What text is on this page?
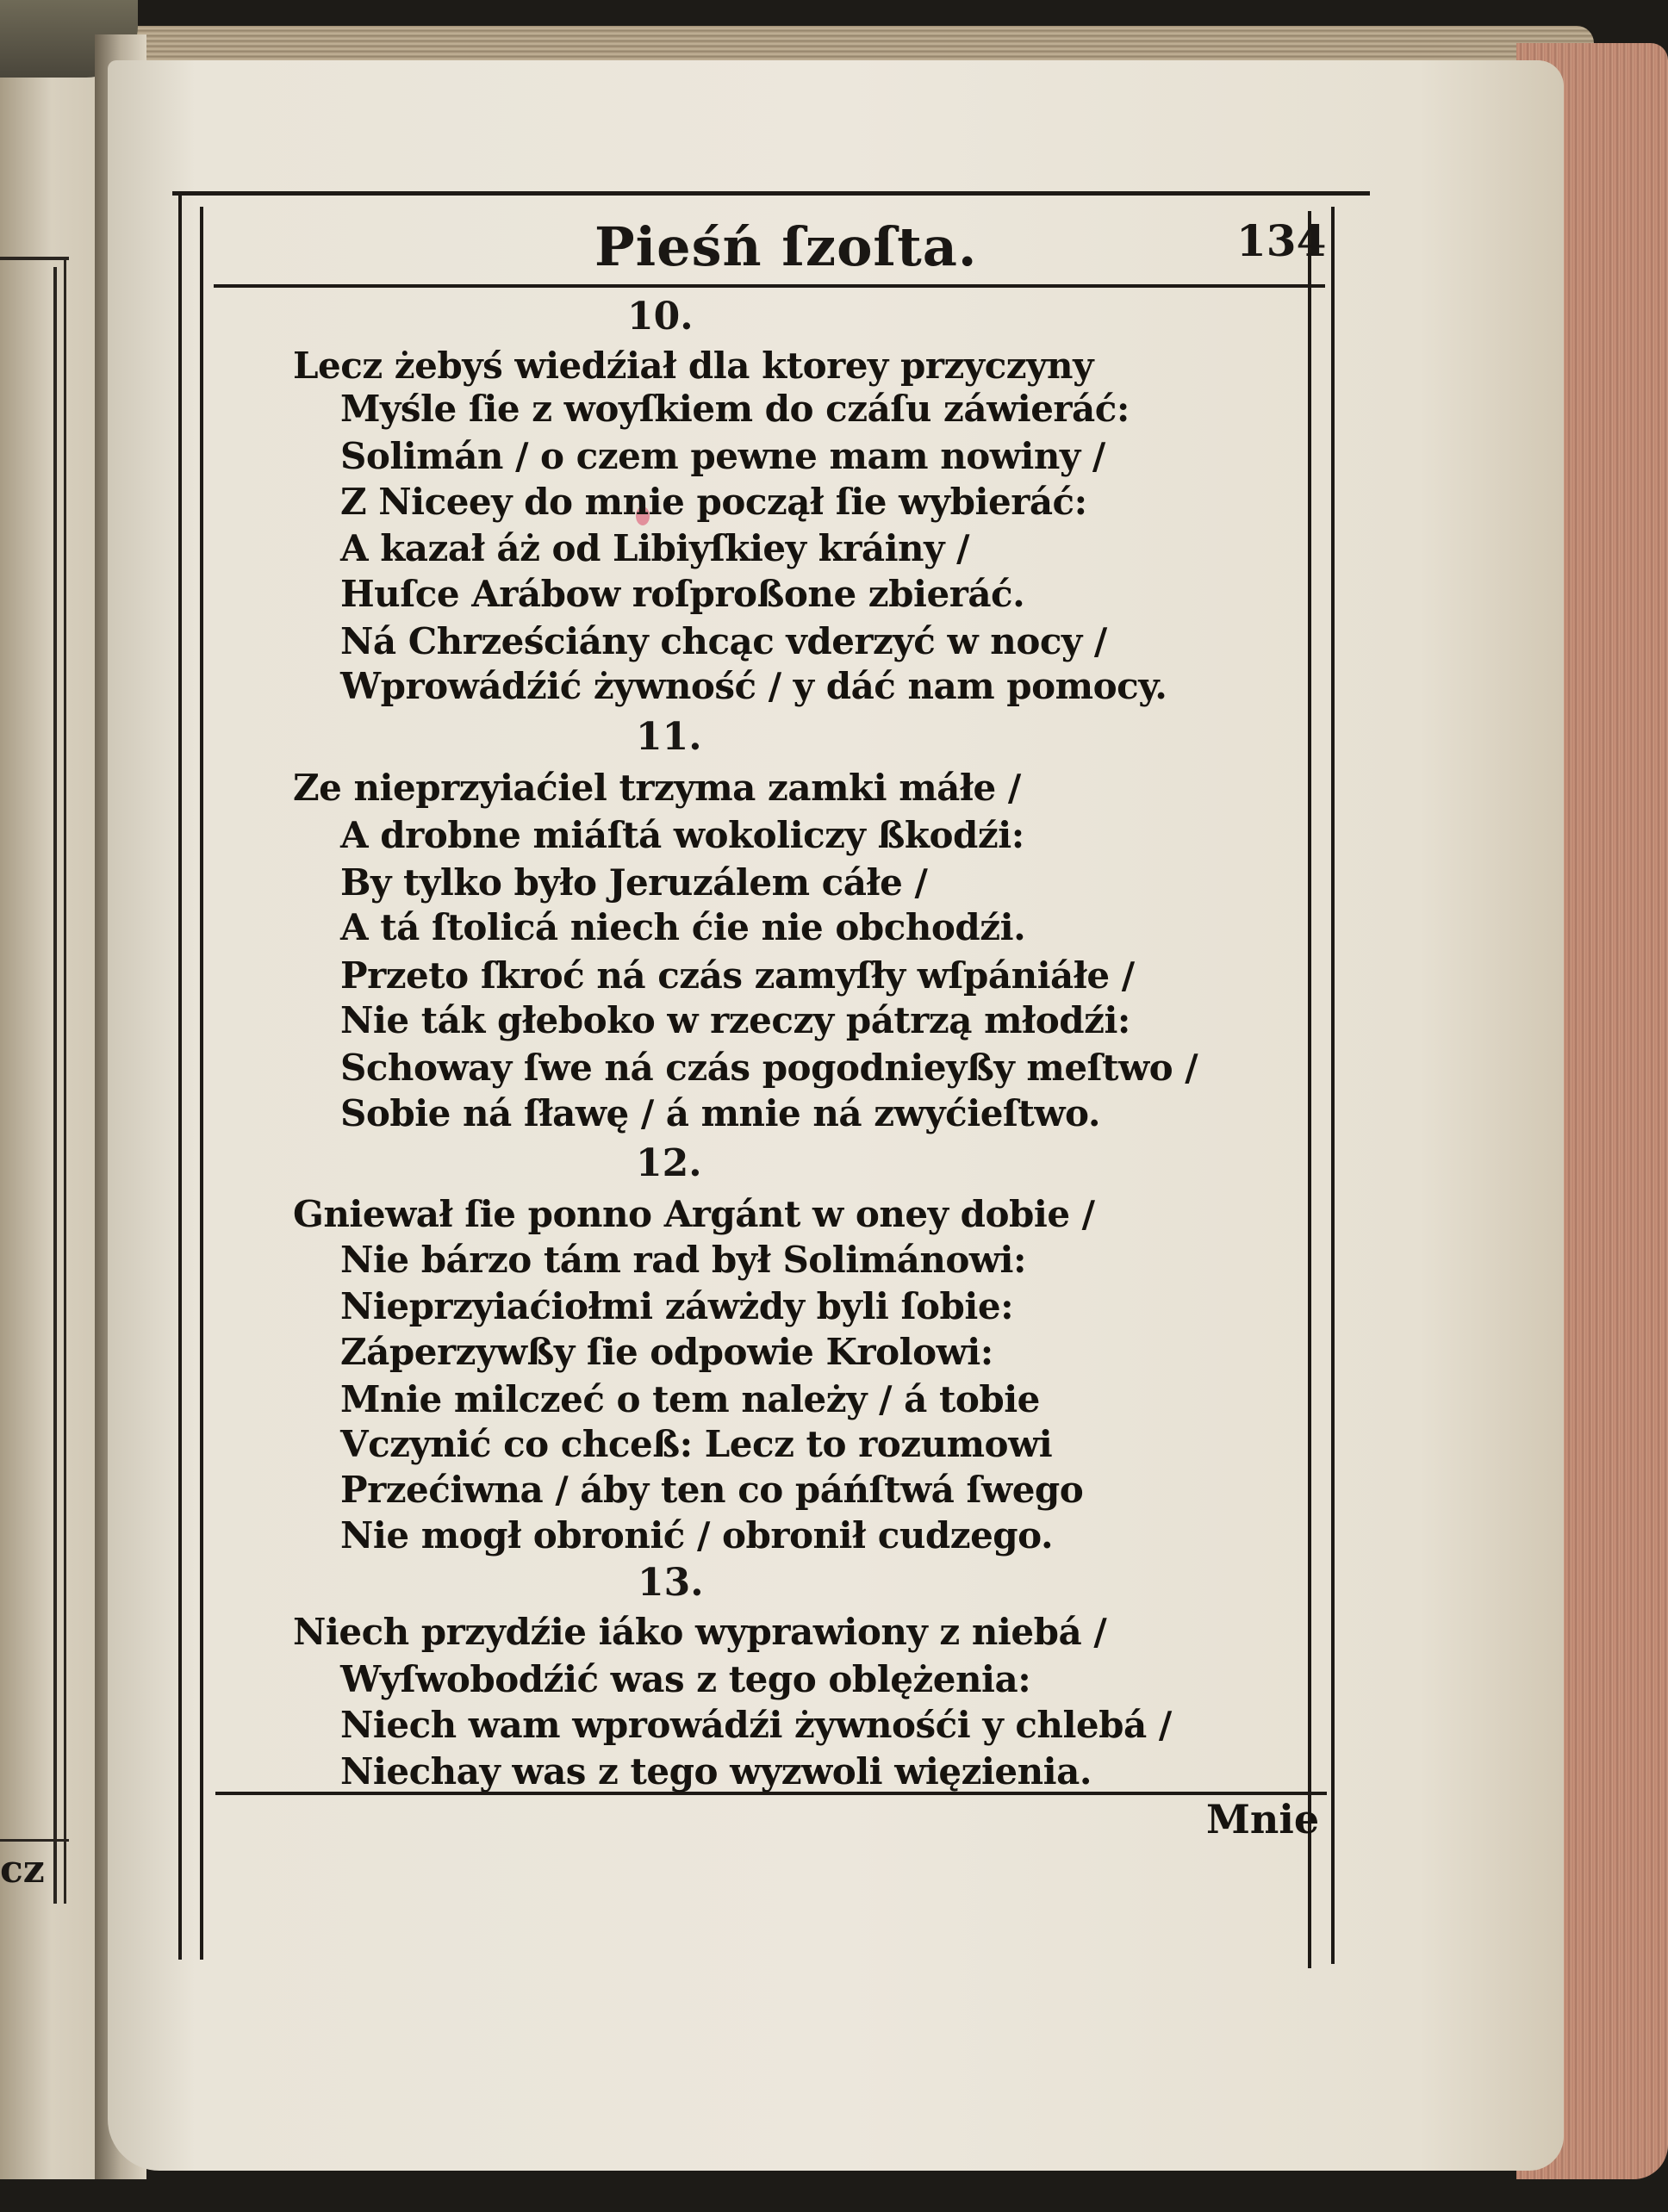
cz
Pieśń ſzoſta.	134
10.
Lecz żebyś wiedźiał dla ktorey przyczyny
Myśle ſie z woyſkiem do czáſu záwieráć:
Solimán / o czem pewne mam nowiny /
Z Niceey do mnie począł ſie wybieráć:
A kazał áż od Libiyſkiey kráiny /
Huſce Arábow roſproßone zbieráć.
Ná Chrześciány chcąc vderzyć w nocy /
Wprowádźić żywność / y dáć nam pomocy.
11.
Ze nieprzyiaćiel trzyma zamki máłe /
A drobne miáſtá wokoliczy ßkodźi:
By tylko było Jeruzálem cáłe /
A tá ſtolicá niech ćie nie obchodźi.
Przeto ſkroć ná czás zamyſły wſpániáłe /
Nie ták głeboko w rzeczy pátrzą młodźi:
Schoway ſwe ná czás pogodnieyßy meſtwo /
Sobie ná ſławę / á mnie ná zwyćieſtwo.
12.
Gniewał ſie ponno Argánt w oney dobie /
Nie bárzo tám rad był Solimánowi:
Nieprzyiaćiołmi záwżdy byli ſobie:
Záperzywßy ſie odpowie Krolowi:
Mnie milczeć o tem należy / á tobie
Vczynić co chceß: Lecz to rozumowi
Przećiwna / áby ten co páńſtwá ſwego
Nie mogł obronić / obronił cudzego.
13.
Niech przydźie iáko wyprawiony z niebá /
Wyſwobodźić was z tego oblężenia:
Niech wam wprowádźi żywnośći y chlebá /
Niechay was z tego wyzwoli więzienia.
Mnie
